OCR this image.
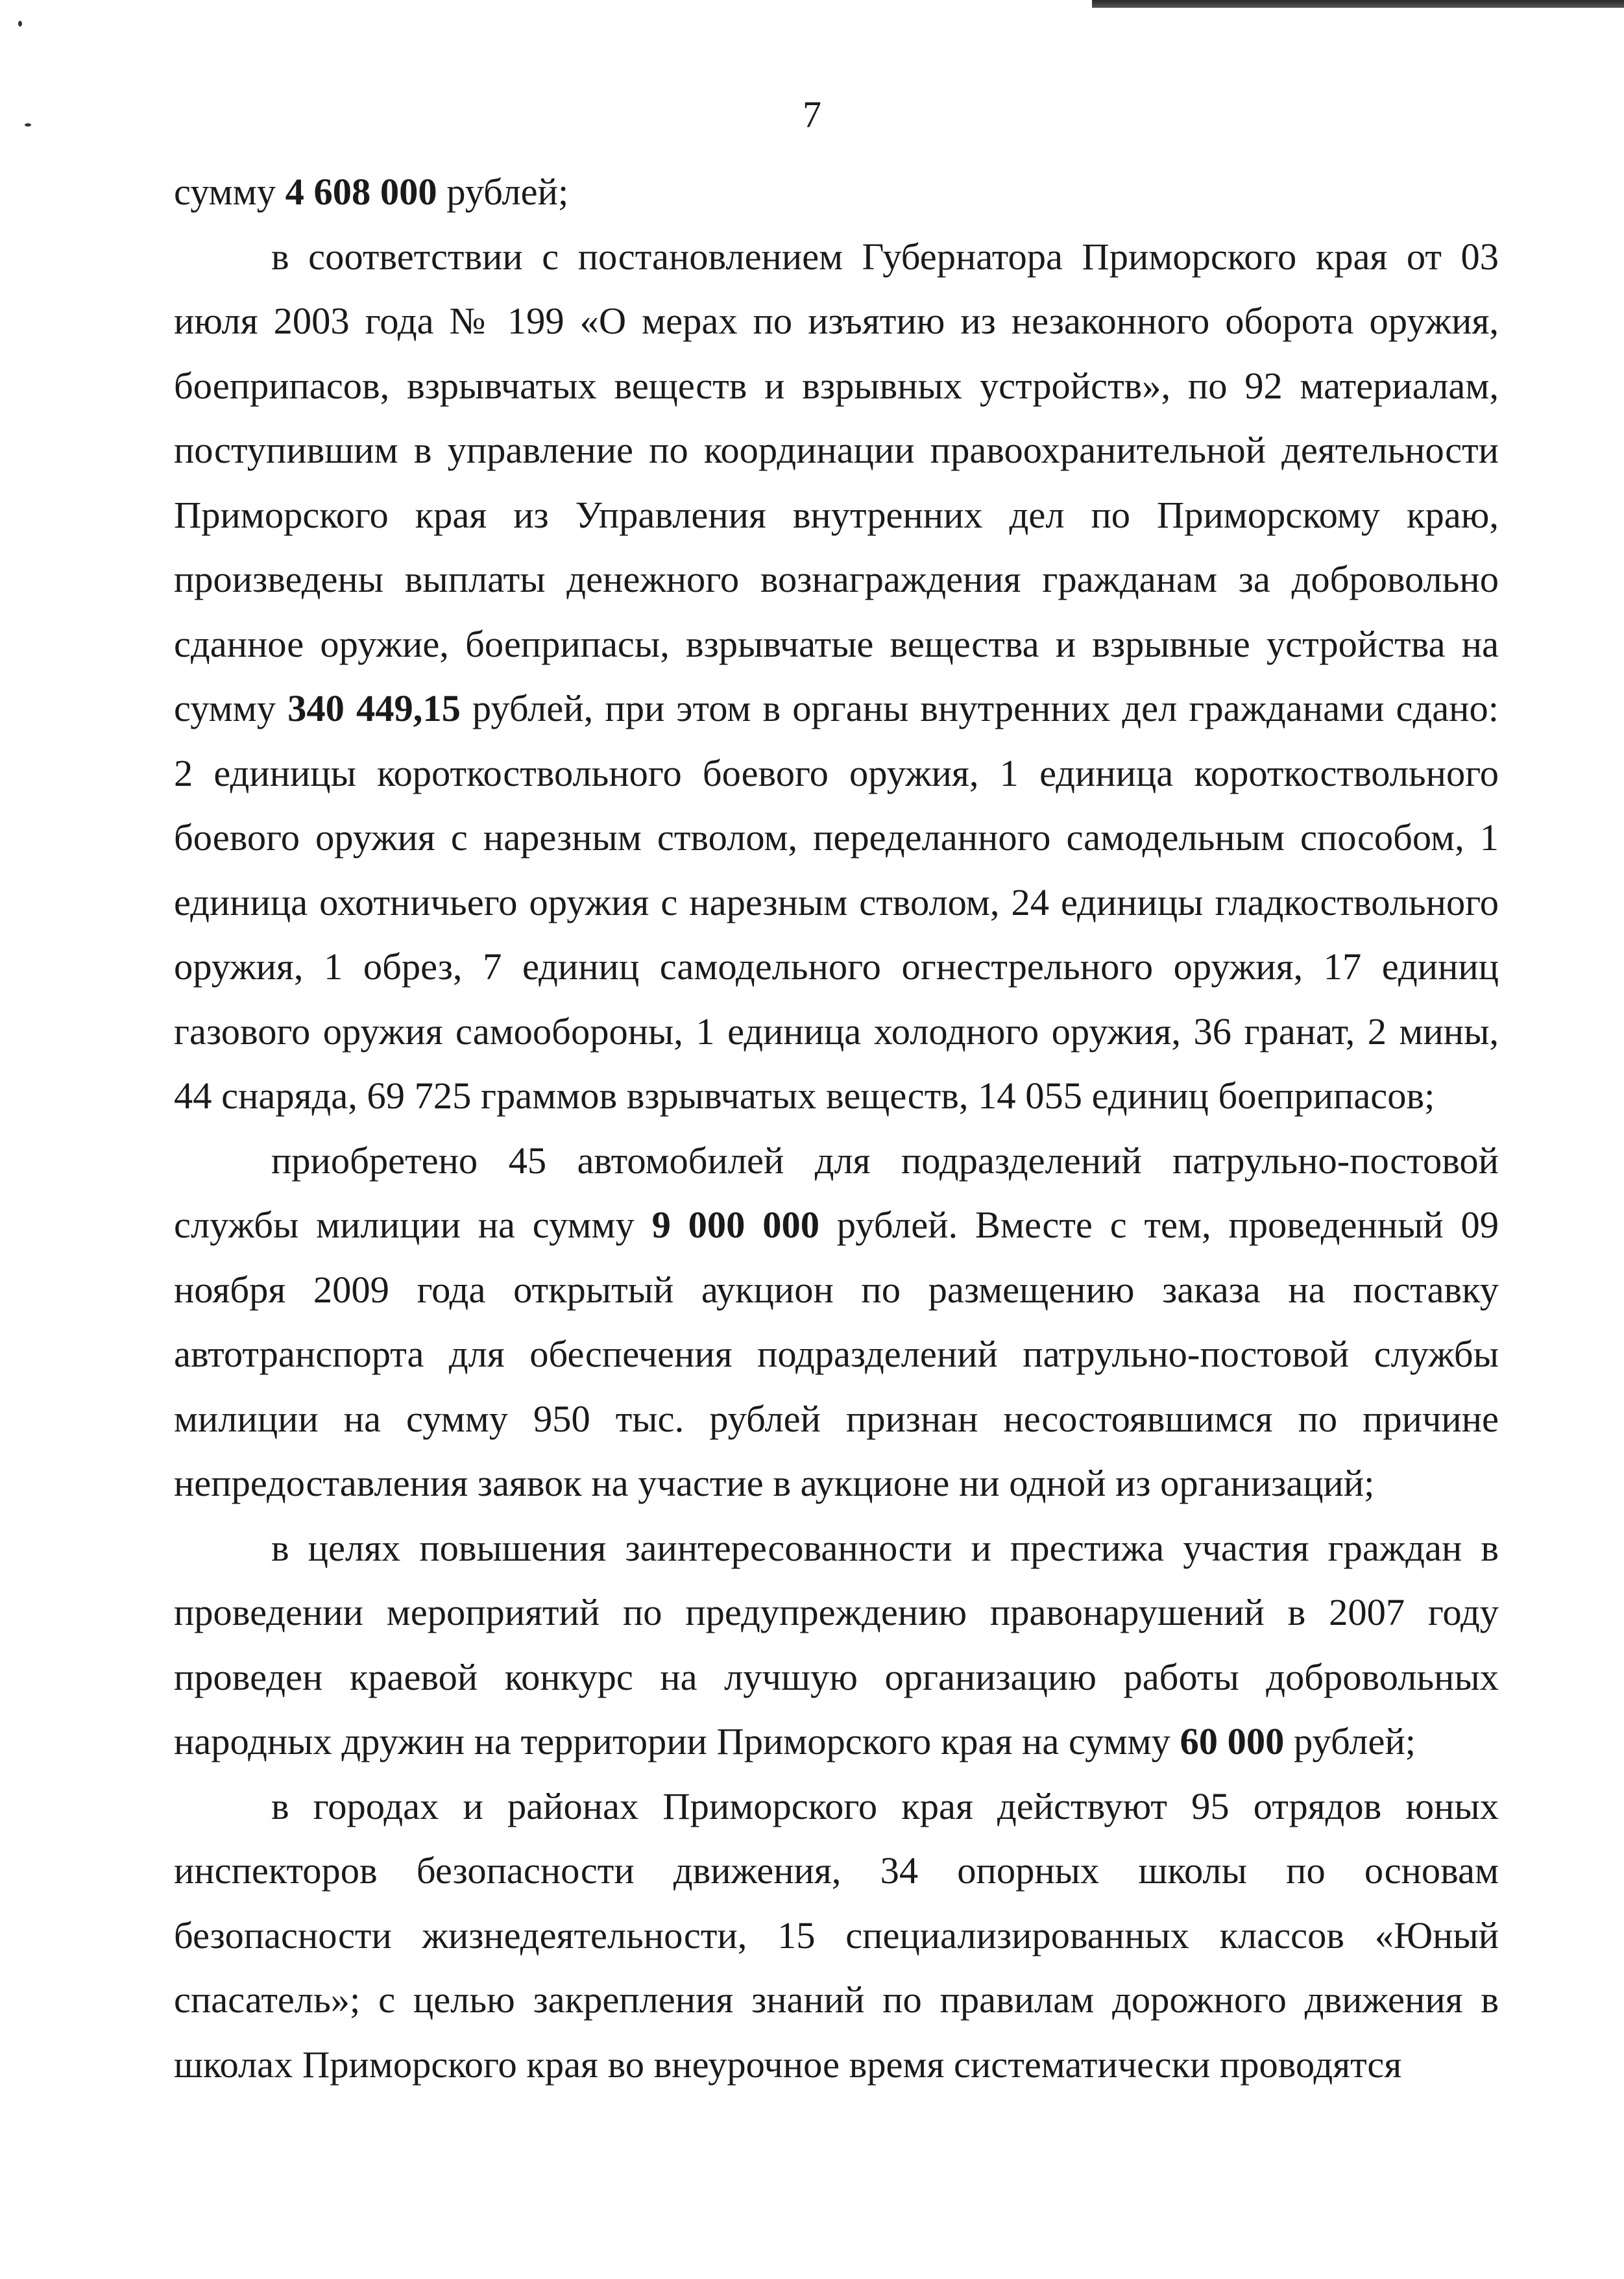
7

сумму 4 608 000 рублей;

в соответствии с постановлением Губернатора Приморского края от 03 июля 2003 года № 199 «О мерах по изъятию из незаконного оборота оружия, боеприпасов, взрывчатых веществ и взрывных устройств», по 92 материалам, поступившим в управление по координации правоохранительной деятельности Приморского края из Управления внутренних дел по Приморскому краю, произведены выплаты денежного вознаграждения гражданам за добровольно сданное оружие, боеприпасы, взрывчатые вещества и взрывные устройства на сумму 340 449,15 рублей, при этом в органы внутренних дел гражданами сдано: 2 единицы короткоствольного боевого оружия, 1 единица короткоствольного боевого оружия с нарезным стволом, переделанного самодельным способом, 1 единица охотничьего оружия с нарезным стволом, 24 единицы гладкоствольного оружия, 1 обрез, 7 единиц самодельного огнестрельного оружия, 17 единиц газового оружия самообороны, 1 единица холодного оружия, 36 гранат, 2 мины, 44 снаряда, 69 725 граммов взрывчатых веществ, 14 055 единиц боеприпасов;

приобретено 45 автомобилей для подразделений патрульно-постовой службы милиции на сумму 9 000 000 рублей. Вместе с тем, проведенный 09 ноября 2009 года открытый аукцион по размещению заказа на поставку автотранспорта для обеспечения подразделений патрульно-постовой службы милиции на сумму 950 тыс. рублей признан несостоявшимся по причине непредоставления заявок на участие в аукционе ни одной из организаций;

в целях повышения заинтересованности и престижа участия граждан в проведении мероприятий по предупреждению правонарушений в 2007 году проведен краевой конкурс на лучшую организацию работы добровольных народных дружин на территории Приморского края на сумму 60 000 рублей;

в городах и районах Приморского края действуют 95 отрядов юных инспекторов безопасности движения, 34 опорных школы по основам безопасности жизнедеятельности, 15 специализированных классов «Юный спасатель»; с целью закрепления знаний по правилам дорожного движения в школах Приморского края во внеурочное время систематически проводятся
